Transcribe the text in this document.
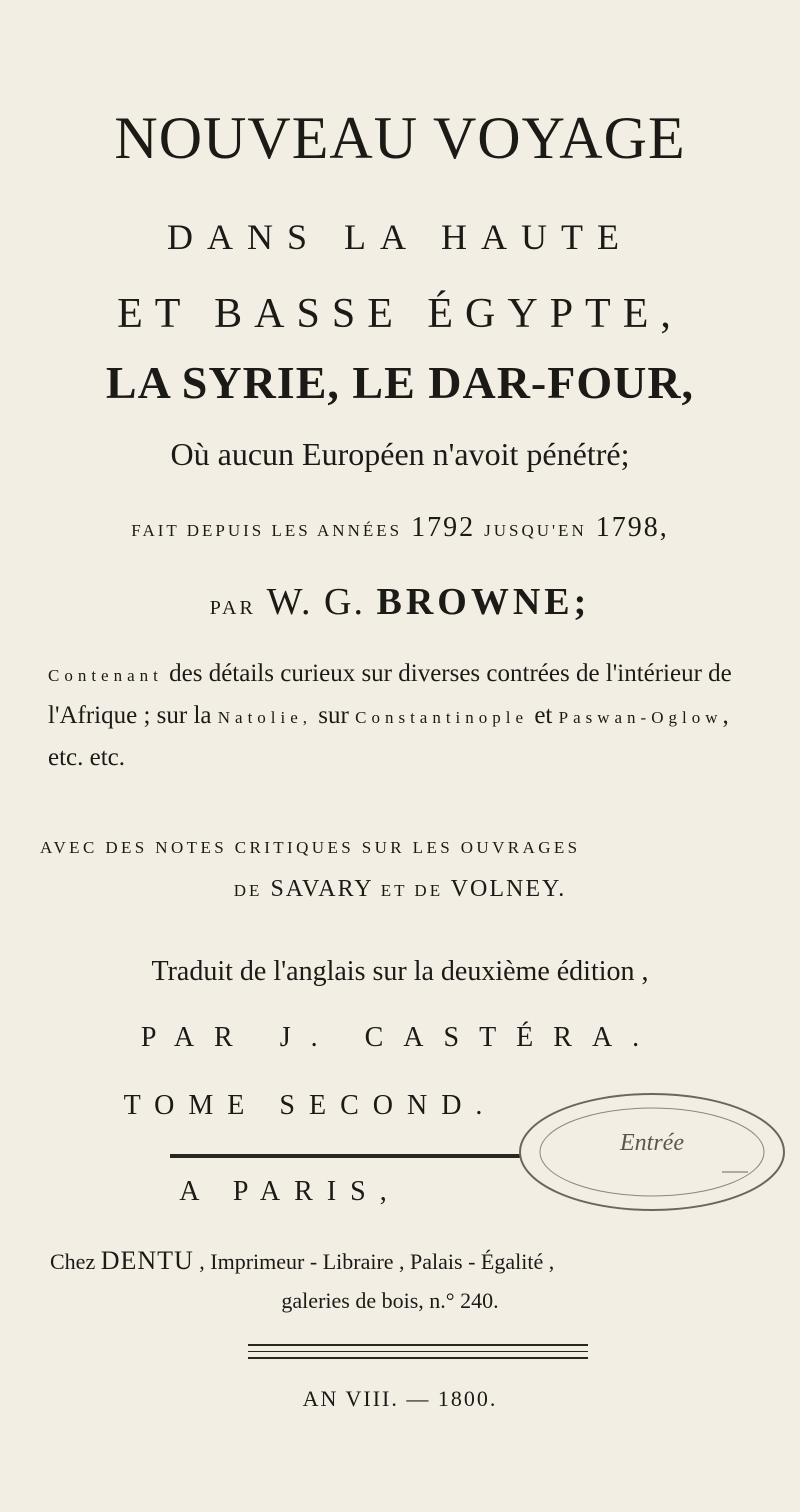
NOUVEAU VOYAGE
DANS LA HAUTE
ET BASSE ÉGYPTE,
LA SYRIE, LE DAR-FOUR,
Où aucun Européen n'avoit pénétré;
FAIT DEPUIS LES ANNÉES 1792 JUSQU'EN 1798,
PAR W. G. BROWNE;
Contenant des détails curieux sur diverses contrées de l'intérieur de l'Afrique ; sur la Natolie, sur Constantinople et Paswan-Oglow, etc. etc.
AVEC DES NOTES CRITIQUES SUR LES OUVRAGES
DE SAVARY ET DE VOLNEY.
Traduit de l'anglais sur la deuxième édition ,
PAR J. CASTÉRA.
TOME SECOND.
A PARIS,
Chez DENTU , Imprimeur - Libraire , Palais - Égalité ,
galeries de bois, n.° 240.
AN VIII. — 1800.
Entrée
